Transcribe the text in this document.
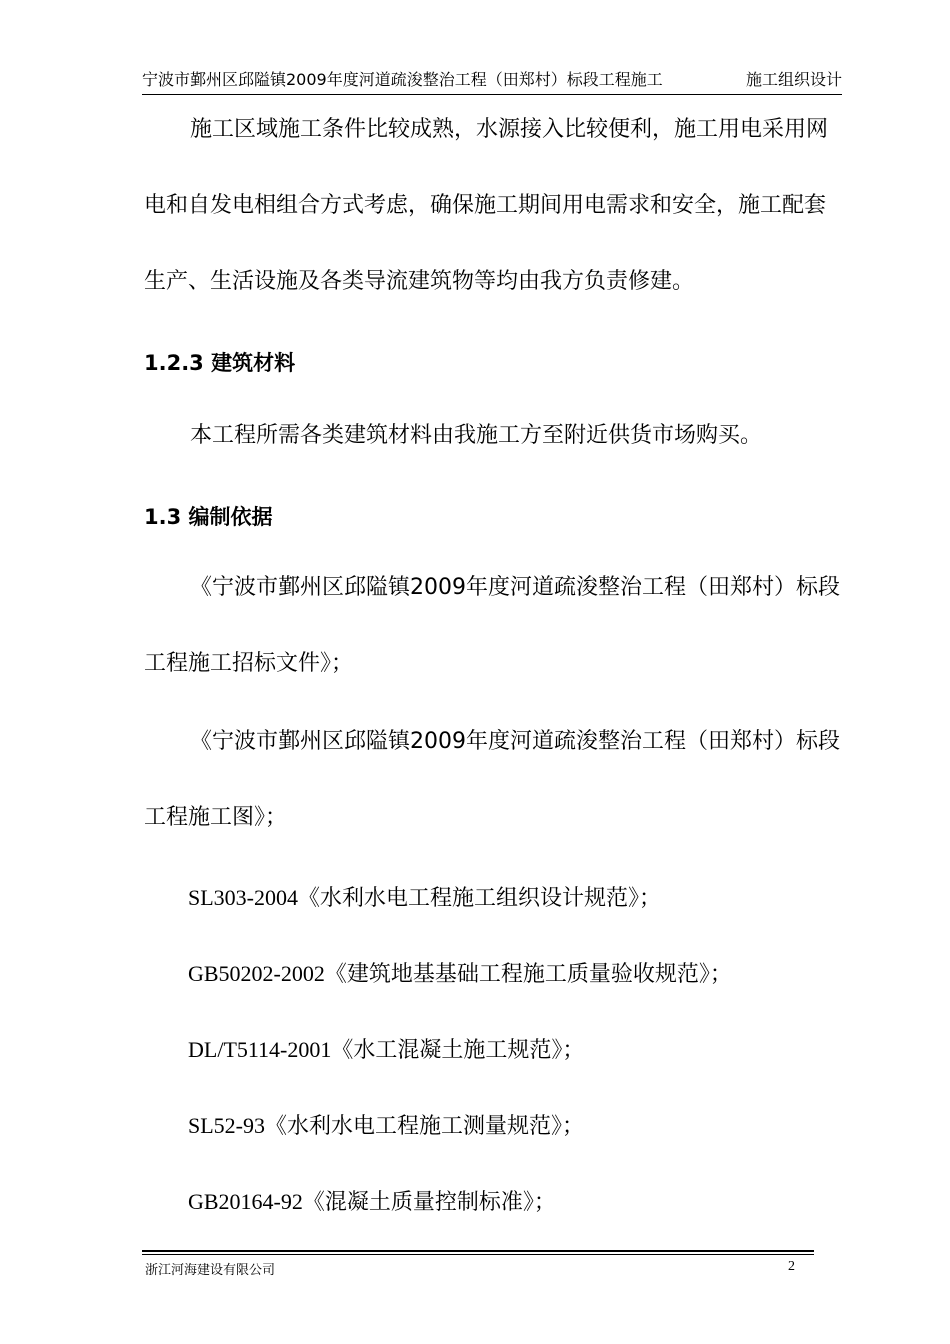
宁波市鄞州区邱隘镇2009年度河道疏浚整治工程（田郑村）标段工程施工	施工组织设计

施工区域施工条件比较成熟，水源接入比较便利，施工用电采用网电和自发电相组合方式考虑，确保施工期间用电需求和安全，施工配套生产、生活设施及各类导流建筑物等均由我方负责修建。

1.2.3 建筑材料

本工程所需各类建筑材料由我施工方至附近供货市场购买。

1.3 编制依据

《宁波市鄞州区邱隘镇2009年度河道疏浚整治工程（田郑村）标段工程施工招标文件》；

《宁波市鄞州区邱隘镇2009年度河道疏浚整治工程（田郑村）标段工程施工图》；

SL303-2004《水利水电工程施工组织设计规范》；
GB50202-2002《建筑地基基础工程施工质量验收规范》；
DL/T5114-2001《水工混凝土施工规范》；
SL52-93《水利水电工程施工测量规范》；
GB20164-92《混凝土质量控制标准》；
浙江河海建设有限公司	2
